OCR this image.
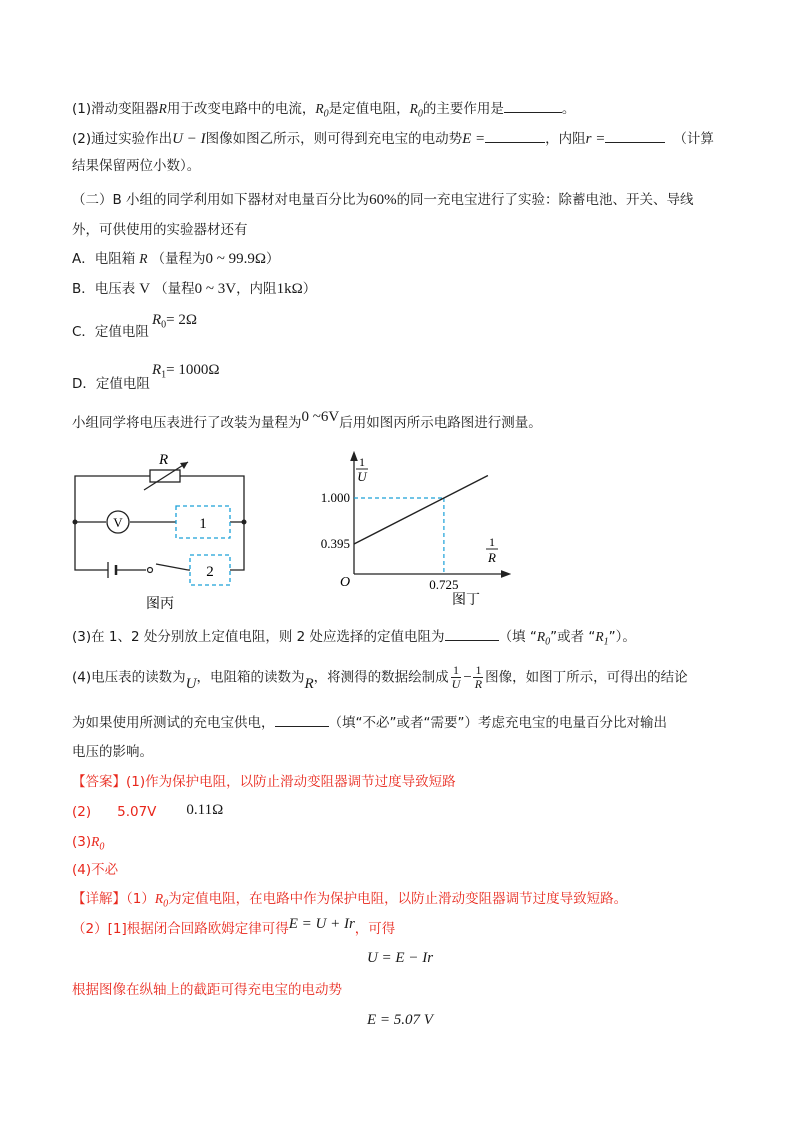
(1)滑动变阻器R用于改变电路中的电流，$R_0$是定值电阻，$R_0$的主要作用是	。
(2)通过实验作出U − I图像如图乙所示，则可得到充电宝的电动势E =	，内阻r =	（计算
结果保留两位小数）。
（二）B 小组的同学利用如下器材对电量百分比为60%的同一充电宝进行了实验：除蓄电池、开关、导线
外，可供使用的实验器材还有
A．电阻箱 R （量程为0 ~ 99.9Ω）
B．电压表 V （量程0 ~ 3V，内阻1kΩ）
$R_0= 2\Omega$
C．定值电阻
$R_1= 1000\Omega$
D．定值电阻
小组同学将电压表进行了改装为量程为0 ~6V后用如图丙所示电路图进行测量。
V
R
1
2
图丙
1.000
0.395
0.725
1
U
1
R
O
图丁
(3)在 1、2 处分别放上定值电阻，则 2 处应选择的定值电阻为	（填 “$R_0$”或者 “$R_1$”）。
(4)电压表的读数为U，电阻箱的读数为R，将测得的数据绘制成 $\frac{1}{U} - \frac{1}{R}$ 图像，如图丁所示，可得出的结论
为如果使用所测试的充电宝供电，	（填“不必”或者“需要”）考虑充电宝的电量百分比对输出
电压的影响。
【答案】(1)作为保护电阻，以防止滑动变阻器调节过度导致短路
(2) 5.07V 0.11Ω
$(3)R_0$
(4)不必
【详解】$(1)R_0$为定值电阻，在电路中作为保护电阻，以防止滑动变阻器调节过度导致短路。
（2）[1]根据闭合回路欧姆定律可得E = U + Ir，可得
U = E − Ir
根据图像在纵轴上的截距可得充电宝的电动势
E = 5.07 V
